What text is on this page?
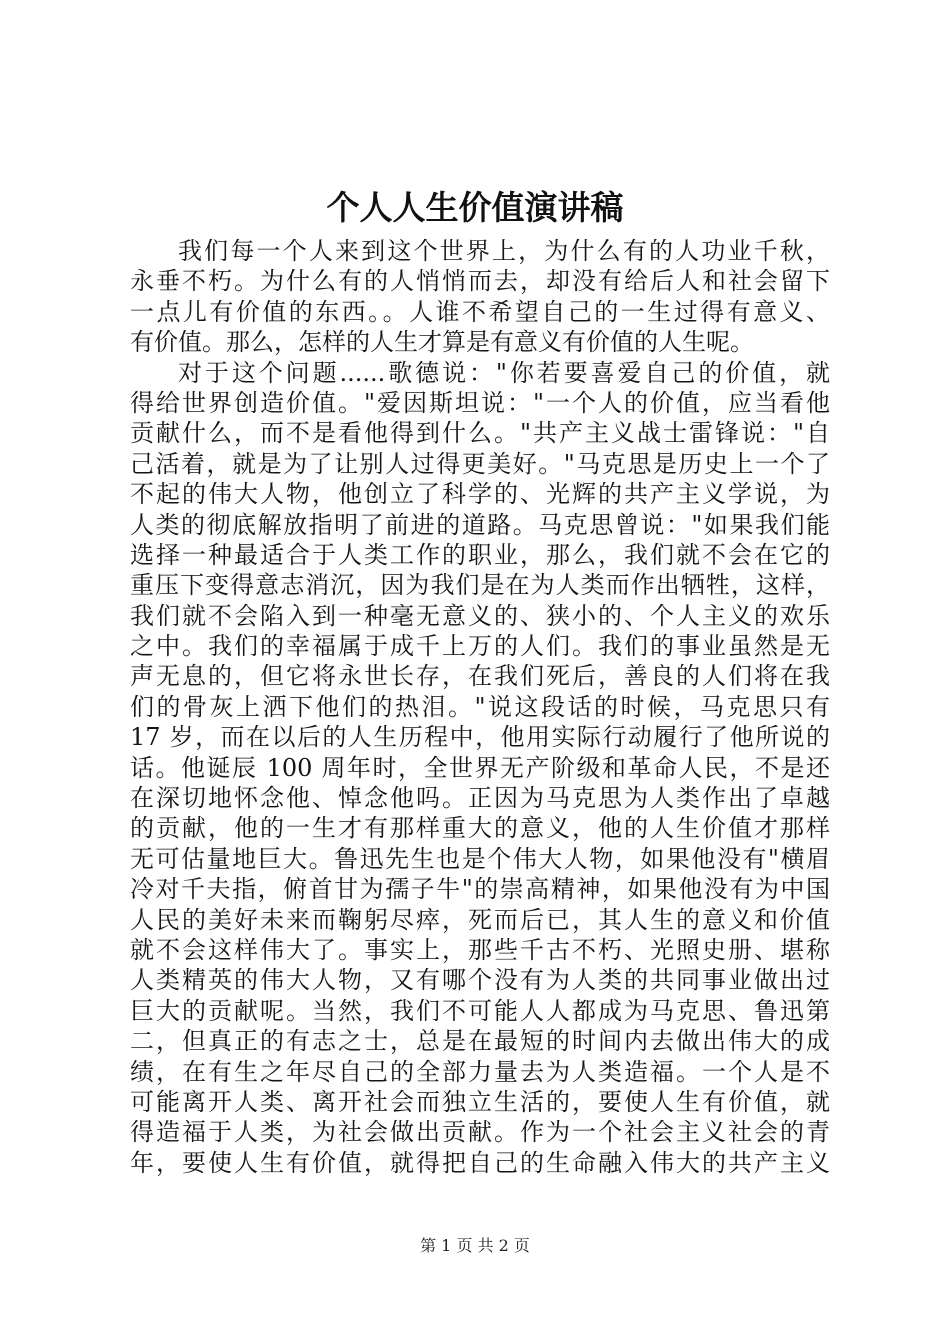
个人人生价值演讲稿
我们每一个人来到这个世界上，为什么有的人功业千秋，
永垂不朽。为什么有的人悄悄而去，却没有给后人和社会留下
一点儿有价值的东西。。人谁不希望自己的一生过得有意义、
有价值。那么，怎样的人生才算是有意义有价值的人生呢。
对于这个问题......歌德说："你若要喜爱自己的价值，就
得给世界创造价值。"爱因斯坦说："一个人的价值，应当看他
贡献什么，而不是看他得到什么。"共产主义战士雷锋说："自
己活着，就是为了让别人过得更美好。"马克思是历史上一个了
不起的伟大人物，他创立了科学的、光辉的共产主义学说，为
人类的彻底解放指明了前进的道路。马克思曾说："如果我们能
选择一种最适合于人类工作的职业，那么，我们就不会在它的
重压下变得意志消沉，因为我们是在为人类而作出牺牲，这样，
我们就不会陷入到一种毫无意义的、狭小的、个人主义的欢乐
之中。我们的幸福属于成千上万的人们。我们的事业虽然是无
声无息的，但它将永世长存，在我们死后，善良的人们将在我
们的骨灰上洒下他们的热泪。"说这段话的时候，马克思只有
17 岁，而在以后的人生历程中，他用实际行动履行了他所说的
话。他诞辰 100 周年时，全世界无产阶级和革命人民，不是还
在深切地怀念他、悼念他吗。正因为马克思为人类作出了卓越
的贡献，他的一生才有那样重大的意义，他的人生价值才那样
无可估量地巨大。鲁迅先生也是个伟大人物，如果他没有"横眉
冷对千夫指，俯首甘为孺子牛"的崇高精神，如果他没有为中国
人民的美好未来而鞠躬尽瘁，死而后已，其人生的意义和价值
就不会这样伟大了。事实上，那些千古不朽、光照史册、堪称
人类精英的伟大人物，又有哪个没有为人类的共同事业做出过
巨大的贡献呢。当然，我们不可能人人都成为马克思、鲁迅第
二，但真正的有志之士，总是在最短的时间内去做出伟大的成
绩，在有生之年尽自己的全部力量去为人类造福。一个人是不
可能离开人类、离开社会而独立生活的，要使人生有价值，就
得造福于人类，为社会做出贡献。作为一个社会主义社会的青
年，要使人生有价值，就得把自己的生命融入伟大的共产主义
第 1 页 共 2 页
